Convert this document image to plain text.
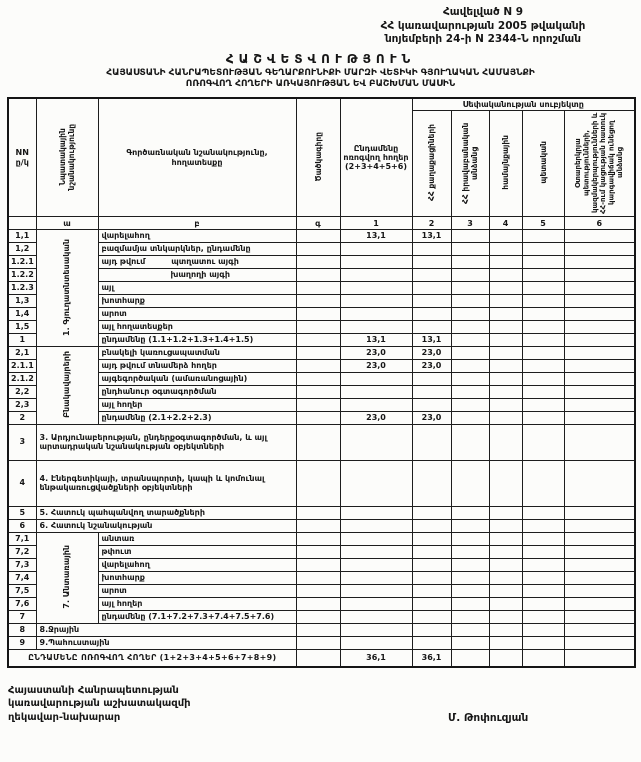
Հավելված N 9
ՀՀ կառավարության 2005 թվականի
նոյեմբերի 24-ի N 2344-Ն որոշման
ՀԱՇՎԵՏՎՈՒԹՅՈՒՆ
ՀԱՅԱՍՏԱՆԻ ՀԱՆՐԱՊԵՏՈՒԹՅԱՆ ԳԵՂԱՐՔՈՒՆԻՔԻ ՄԱՐԶԻ ՎԵՏԻԿԻ ԳՅՈՒՂԱԿԱՆ ՀԱՄԱՅՆՔԻ
ՈՌՈԳՎՈՂ ՀՈՂԵՐԻ ԱՌԿԱՅՈՒԹՅԱՆ ԵՎ ԲԱՇԽՄԱՆ ՄԱՍԻՆ
NN ը/կ	Նպատակային նշանակությունը	Գործառնական նշանակությունը, հողատեսքը	Ծածկագիրը	Ընդամենը ոռոգվող հողեր (2+3+4+5+6)	Սեփականության սուբյեկտը				
					ՀՀ քաղաքացիների	ՀՀ իրավաբանական անձանց	համայնքային	պետական	Օտարերկրյա պետությունների, կազմակերպությունների և ՀՀ-ում կացության հատուկ կարգավիճակ ունեցող անձանց
	ա	բ	գ	1	2	3	4	5	6
1,1	1. Գյուղատնտեսական	վարելահող		13,1	13,1				
1,2		բազմամյա տնկարկներ, ընդամենը							
1.2.1		այդ թվում պտղատու այգի							
1.2.2		խաղողի այգի							
1.2.3		այլ							
1,3		խոտհարք							
1,4		արոտ							
1,5		այլ հողատեսքեր							
1		ընդամենը (1.1+1.2+1.3+1.4+1.5)		13,1	13,1				
2,1	Բնակավայրերի	բնակելի կառուցապատման		23,0	23,0				
2.1.1		այդ թվում տնամերձ հողեր		23,0	23,0				
2.1.2		այգեգործական (ամառանոցային)							
2,2		ընդհանուր օգտագործման							
2,3		այլ հողեր							
2		ընդամենը (2.1+2.2+2.3)		23,0	23,0				
3	3. Արդյունաբերության, ընդերքօգտագործման, և այլ արտադրական նշանակության օբյեկտների								
4	4. Էներգետիկայի, տրանսպորտի, կապի և կոմունալ ենթակառուցվածքների օբյեկտների								
5	5. Հատուկ պահպանվող տարածքների								
6	6. Հատուկ նշանակության								
7,1	7. Անտառային	անտառ							
7,2		թփուտ							
7,3		վարելահող							
7,4		խոտհարք							
7,5		արոտ							
7,6		այլ հողեր							
7		ընդամենը (7.1+7.2+7.3+7.4+7.5+7.6)							
8	8.Ջրային								
9	9.Պահուստային								
ԸՆԴԱՄԵՆԸ ՈՌՈԳՎՈՂ ՀՈՂԵՐ (1+2+3+4+5+6+7+8+9)				36,1	36,1				
Հայաստանի Հանրապետության
կառավարության աշխատակազմի
ղեկավար-նախարար	Մ. Թոփուզյան
